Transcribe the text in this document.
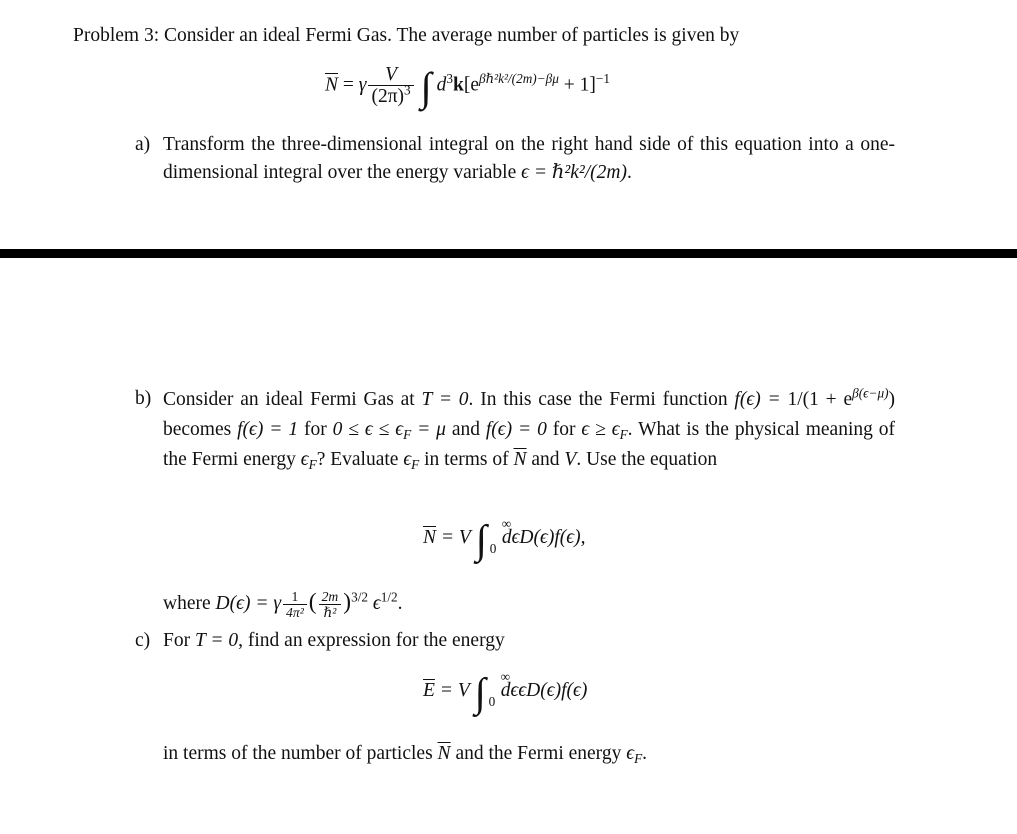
Problem 3: Consider an ideal Fermi Gas. The average number of particles is given by
$\overline{N} = \gamma \frac{V}{(2\pi)^3}$ ∫ $d^3k[e^{\beta\hbar^2k^2/(2m)-\beta\mu} + 1]^{-1}$
a) Transform the three-dimensional integral on the right hand side of this equation into a one-dimensional integral over the energy variable ϵ = ℏ²k²/(2m).
b) Consider an ideal Fermi Gas at T = 0. In this case the Fermi function $f(\epsilon) = 1/(1 + e^{\beta(\epsilon-\mu)})$ becomes f(ϵ) = 1 for $0 \le \epsilon \le \epsilon_F = \mu$ and f(ϵ) = 0 for $\epsilon \ge \epsilon_F$. What is the physical meaning of the Fermi energy $\epsilon_F$? Evaluate $\epsilon_F$ in terms of $\overline{N}$ and V. Use the equation
$\overline{N} = V$ ∫ ∞
0
dϵD(ϵ)f(ϵ),
where D(ϵ) = γ $\frac{1}{\text{4π²}}$ ( $\frac{2m}{\text{ℏ²}} )^{3/2}$ $\epsilon^{1/2}$.
c) For T = 0, find an expression for the energy
$\overline{E} = V$ ∫ ∞
0
dϵϵD(ϵ)f(ϵ)
in terms of the number of particles $\overline{N}$ and the Fermi energy $\epsilon_F$.
